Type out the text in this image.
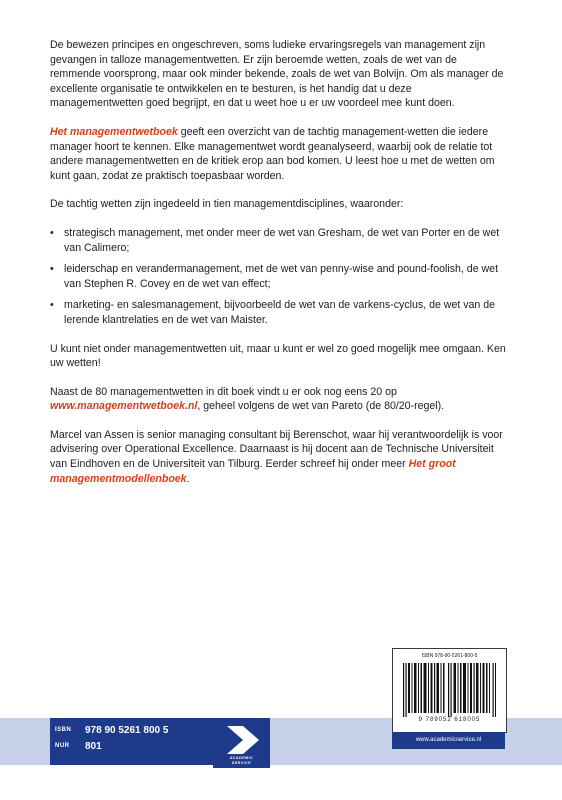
De bewezen principes en ongeschreven, soms ludieke ervaringsregels van management zijn gevangen in talloze managementwetten. Er zijn beroemde wetten, zoals de wet van de remmende voorsprong, maar ook minder bekende, zoals de wet van Bolvijn. Om als manager de excellente organisatie te ontwikkelen en te besturen, is het handig dat u deze managementwetten goed begrijpt, en dat u weet hoe u er uw voordeel mee kunt doen.

Het managementwetboek geeft een overzicht van de tachtig management-wetten die iedere manager hoort te kennen. Elke managementwet wordt geanalyseerd, waarbij ook de relatie tot andere managementwetten en de kritiek erop aan bod komen. U leest hoe u met de wetten om kunt gaan, zodat ze praktisch toepasbaar worden.

De tachtig wetten zijn ingedeeld in tien managementdisciplines, waaronder:

• strategisch management, met onder meer de wet van Gresham, de wet van Porter en de wet van Calimero;
• leiderschap en verandermanagement, met de wet van penny-wise and pound-foolish, de wet van Stephen R. Covey en de wet van effect;
• marketing- en salesmanagement, bijvoorbeeld de wet van de varkens-cyclus, de wet van de lerende klantrelaties en de wet van Maister.

U kunt niet onder managementwetten uit, maar u kunt er wel zo goed mogelijk mee omgaan. Ken uw wetten!

Naast de 80 managementwetten in dit boek vindt u er ook nog eens 20 op www.managementwetboek.nl, geheel volgens de wet van Pareto (de 80/20-regel).

Marcel van Assen is senior managing consultant bij Berenschot, waar hij verantwoordelijk is voor advisering over Operational Excellence. Daarnaast is hij docent aan de Technische Universiteit van Eindhoven en de Universiteit van Tilburg. Eerder schreef hij onder meer Het groot managementmodellenboek.

ISBN 978 90 5261 800 5
NUR 801
ACADEMIC
SERVICE
ISBN 978-90-5261-800-5
9 789052 618005
www.academicservice.nl
